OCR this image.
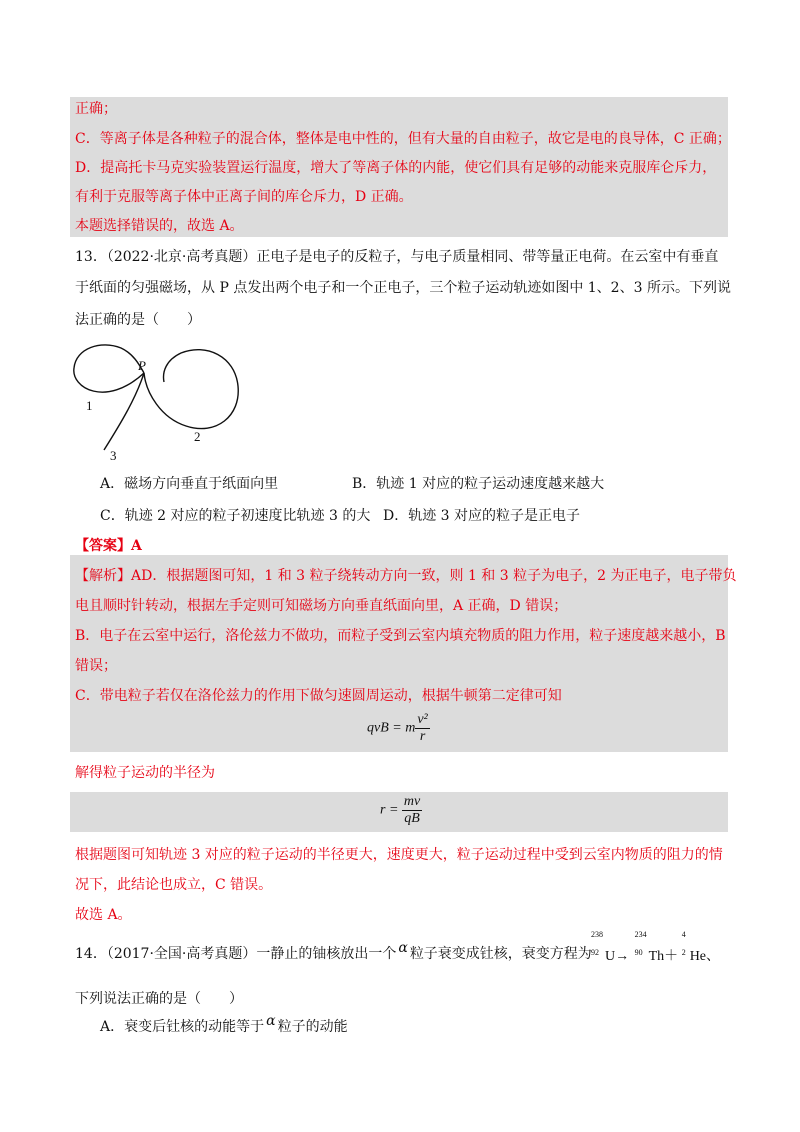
正确；
C．等离子体是各种粒子的混合体，整体是电中性的，但有大量的自由粒子，故它是电的良导体，C 正确；
D．提高托卡马克实验装置运行温度，增大了等离子体的内能，使它们具有足够的动能来克服库仑斥力，
有利于克服等离子体中正离子间的库仑斥力，D 正确。
本题选择错误的，故选 A。
13．（2022·北京·高考真题）正电子是电子的反粒子，与电子质量相同、带等量正电荷。在云室中有垂直
于纸面的匀强磁场，从 P 点发出两个电子和一个正电子，三个粒子运动轨迹如图中 1、2、3 所示。下列说
法正确的是（　　）
P
1
2
3
A．磁场方向垂直于纸面向里	B．轨迹 1 对应的粒子运动速度越来越大
C．轨迹 2 对应的粒子初速度比轨迹 3 的大 D．轨迹 3 对应的粒子是正电子
【答案】A
【解析】AD．根据题图可知，1 和 3 粒子绕转动方向一致，则 1 和 3 粒子为电子，2 为正电子，电子带负
电且顺时针转动，根据左手定则可知磁场方向垂直纸面向里，A 正确，D 错误；
B．电子在云室中运行，洛伦兹力不做功，而粒子受到云室内填充物质的阻力作用，粒子速度越来越小，B
错误；
C．带电粒子若仅在洛伦兹力的作用下做匀速圆周运动，根据牛顿第二定律可知
qvB = m $\frac{\text{v²}}{r}$
解得粒子运动的半径为
$r = \frac{mv}{qB}$
根据题图可知轨迹 3 对应的粒子运动的半径更大，速度更大，粒子运动过程中受到云室内物质的阻力的情
况下，此结论也成立，C 错误。
故选 A。
14．（2017·全国·高考真题）一静止的铀核放出一个 α 粒子衰变成钍核，衰变方程为
238
92 U→
234
90 Th＋
4
2 He、
下列说法正确的是（　　）
A．衰变后钍核的动能等于 α 粒子的动能
